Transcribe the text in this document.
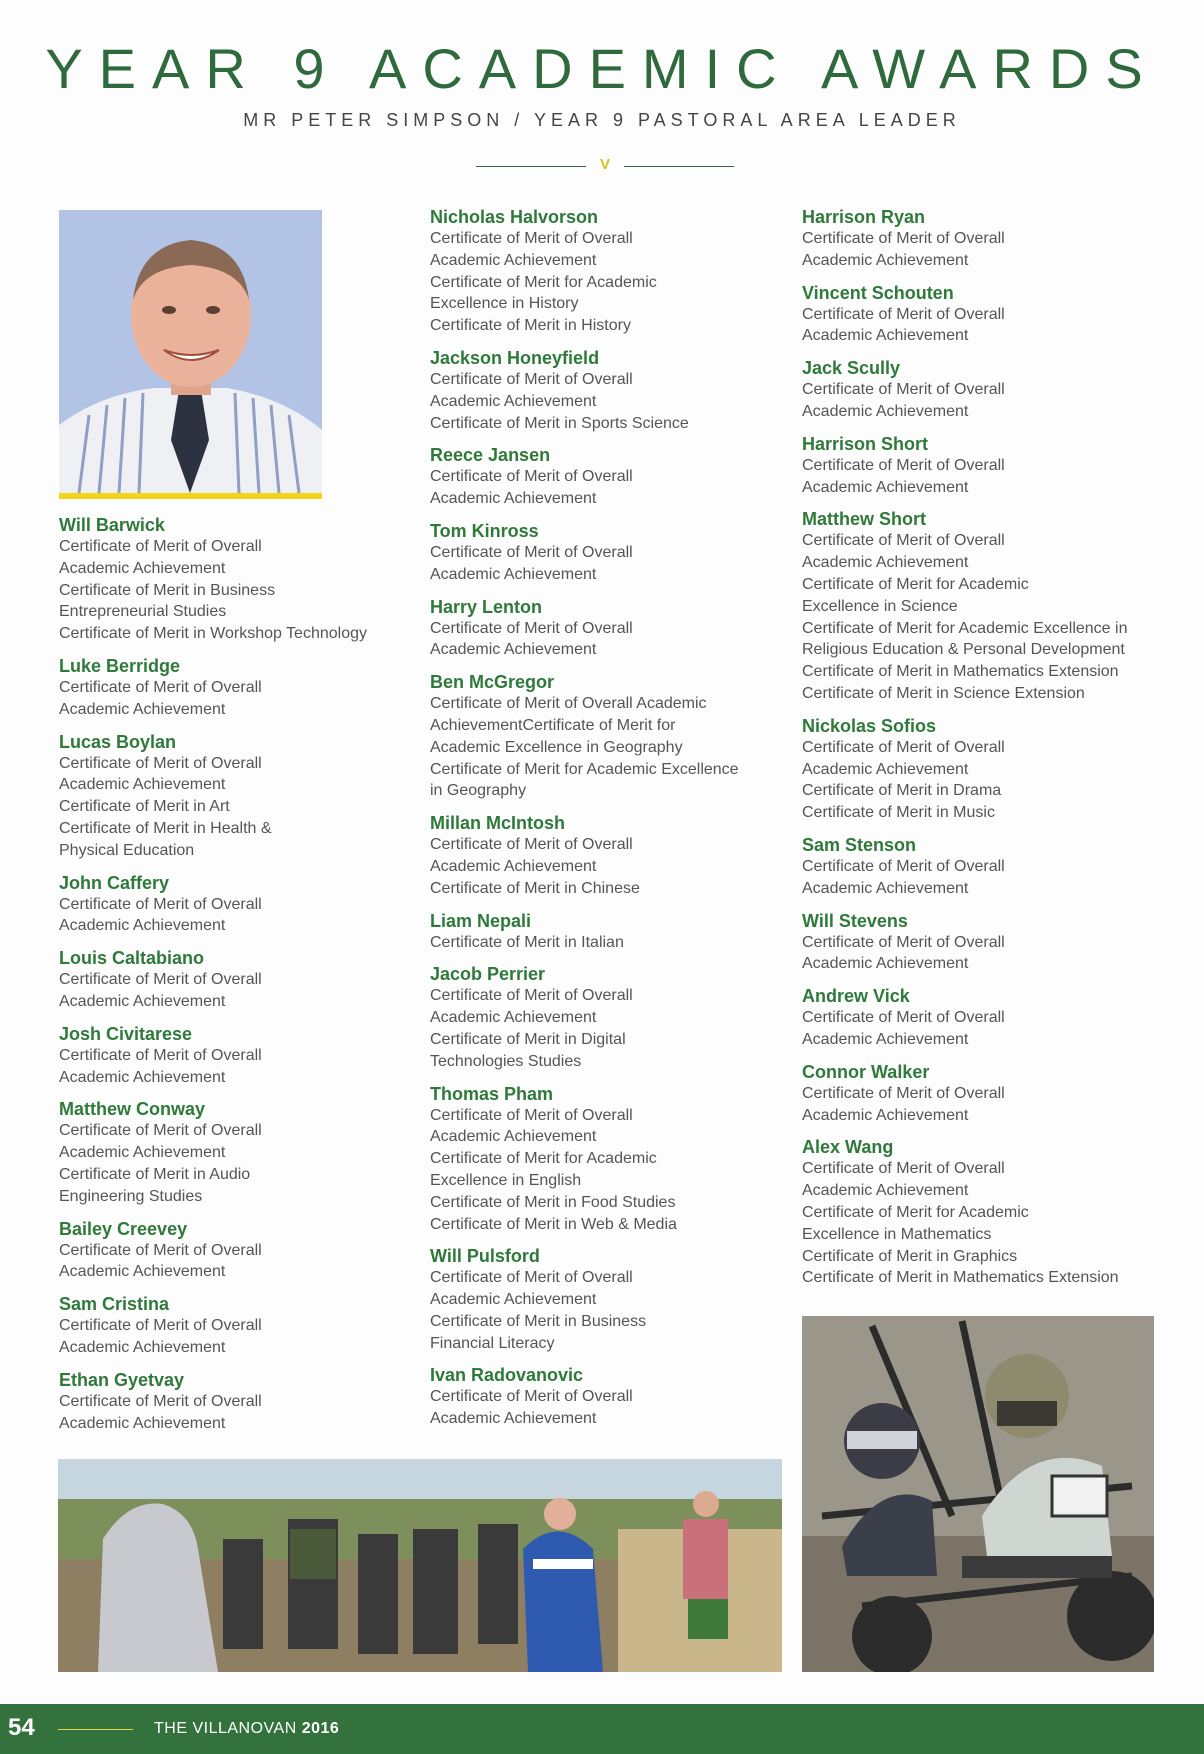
YEAR 9 ACADEMIC AWARDS
MR PETER SIMPSON / YEAR 9 PASTORAL AREA LEADER
V
Will Barwick
Certificate of Merit of Overall
Academic Achievement
Certificate of Merit in Business
Entrepreneurial Studies
Certificate of Merit in Workshop Technology
Luke Berridge
Certificate of Merit of Overall
Academic Achievement
Lucas Boylan
Certificate of Merit of Overall
Academic Achievement
Certificate of Merit in Art
Certificate of Merit in Health &
Physical Education
John Caffery
Certificate of Merit of Overall
Academic Achievement
Louis Caltabiano
Certificate of Merit of Overall
Academic Achievement
Josh Civitarese
Certificate of Merit of Overall
Academic Achievement
Matthew Conway
Certificate of Merit of Overall
Academic Achievement
Certificate of Merit in Audio
Engineering Studies
Bailey Creevey
Certificate of Merit of Overall
Academic Achievement
Sam Cristina
Certificate of Merit of Overall
Academic Achievement
Ethan Gyetvay
Certificate of Merit of Overall
Academic Achievement
Nicholas Halvorson
Certificate of Merit of Overall
Academic Achievement
Certificate of Merit for Academic
Excellence in History
Certificate of Merit in History
Jackson Honeyfield
Certificate of Merit of Overall
Academic Achievement
Certificate of Merit in Sports Science
Reece Jansen
Certificate of Merit of Overall
Academic Achievement
Tom Kinross
Certificate of Merit of Overall
Academic Achievement
Harry Lenton
Certificate of Merit of Overall
Academic Achievement
Ben McGregor
Certificate of Merit of Overall Academic
AchievementCertificate of Merit for
Academic Excellence in Geography
Certificate of Merit for Academic Excellence
in Geography
Millan McIntosh
Certificate of Merit of Overall
Academic Achievement
Certificate of Merit in Chinese
Liam Nepali
Certificate of Merit in Italian
Jacob Perrier
Certificate of Merit of Overall
Academic Achievement
Certificate of Merit in Digital
Technologies Studies
Thomas Pham
Certificate of Merit of Overall
Academic Achievement
Certificate of Merit for Academic
Excellence in English
Certificate of Merit in Food Studies
Certificate of Merit in Web & Media
Will Pulsford
Certificate of Merit of Overall
Academic Achievement
Certificate of Merit in Business
Financial Literacy
Ivan Radovanovic
Certificate of Merit of Overall
Academic Achievement
Harrison Ryan
Certificate of Merit of Overall
Academic Achievement
Vincent Schouten
Certificate of Merit of Overall
Academic Achievement
Jack Scully
Certificate of Merit of Overall
Academic Achievement
Harrison Short
Certificate of Merit of Overall
Academic Achievement
Matthew Short
Certificate of Merit of Overall
Academic Achievement
Certificate of Merit for Academic
Excellence in Science
Certificate of Merit for Academic Excellence in
Religious Education & Personal Development
Certificate of Merit in Mathematics Extension
Certificate of Merit in Science Extension
Nickolas Sofios
Certificate of Merit of Overall
Academic Achievement
Certificate of Merit in Drama
Certificate of Merit in Music
Sam Stenson
Certificate of Merit of Overall
Academic Achievement
Will Stevens
Certificate of Merit of Overall
Academic Achievement
Andrew Vick
Certificate of Merit of Overall
Academic Achievement
Connor Walker
Certificate of Merit of Overall
Academic Achievement
Alex Wang
Certificate of Merit of Overall
Academic Achievement
Certificate of Merit for Academic
Excellence in Mathematics
Certificate of Merit in Graphics
Certificate of Merit in Mathematics Extension
54	THE VILLANOVAN 2016
